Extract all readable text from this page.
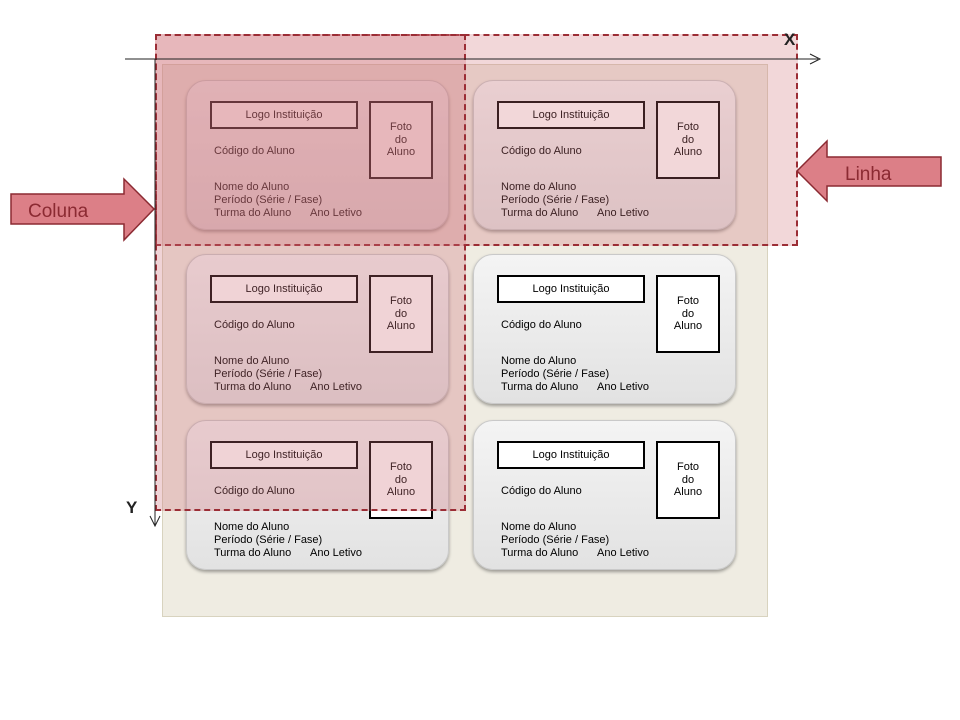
Logo Instituição
Foto
do
Aluno
Código do Aluno
Nome do Aluno
Período (Série / Fase)
Turma do Aluno Ano Letivo
Logo Instituição
Foto
do
Aluno
Código do Aluno
Nome do Aluno
Período (Série / Fase)
Turma do Aluno Ano Letivo
Logo Instituição
Foto
do
Aluno
Código do Aluno
Nome do Aluno
Período (Série / Fase)
Turma do Aluno Ano Letivo
Logo Instituição
Foto
do
Aluno
Código do Aluno
Nome do Aluno
Período (Série / Fase)
Turma do Aluno Ano Letivo
Logo Instituição
Foto
do
Aluno
Código do Aluno
Nome do Aluno
Período (Série / Fase)
Turma do Aluno Ano Letivo
Logo Instituição
Foto
do
Aluno
Código do Aluno
Nome do Aluno
Período (Série / Fase)
Turma do Aluno Ano Letivo
X
Y
Coluna
Linha
